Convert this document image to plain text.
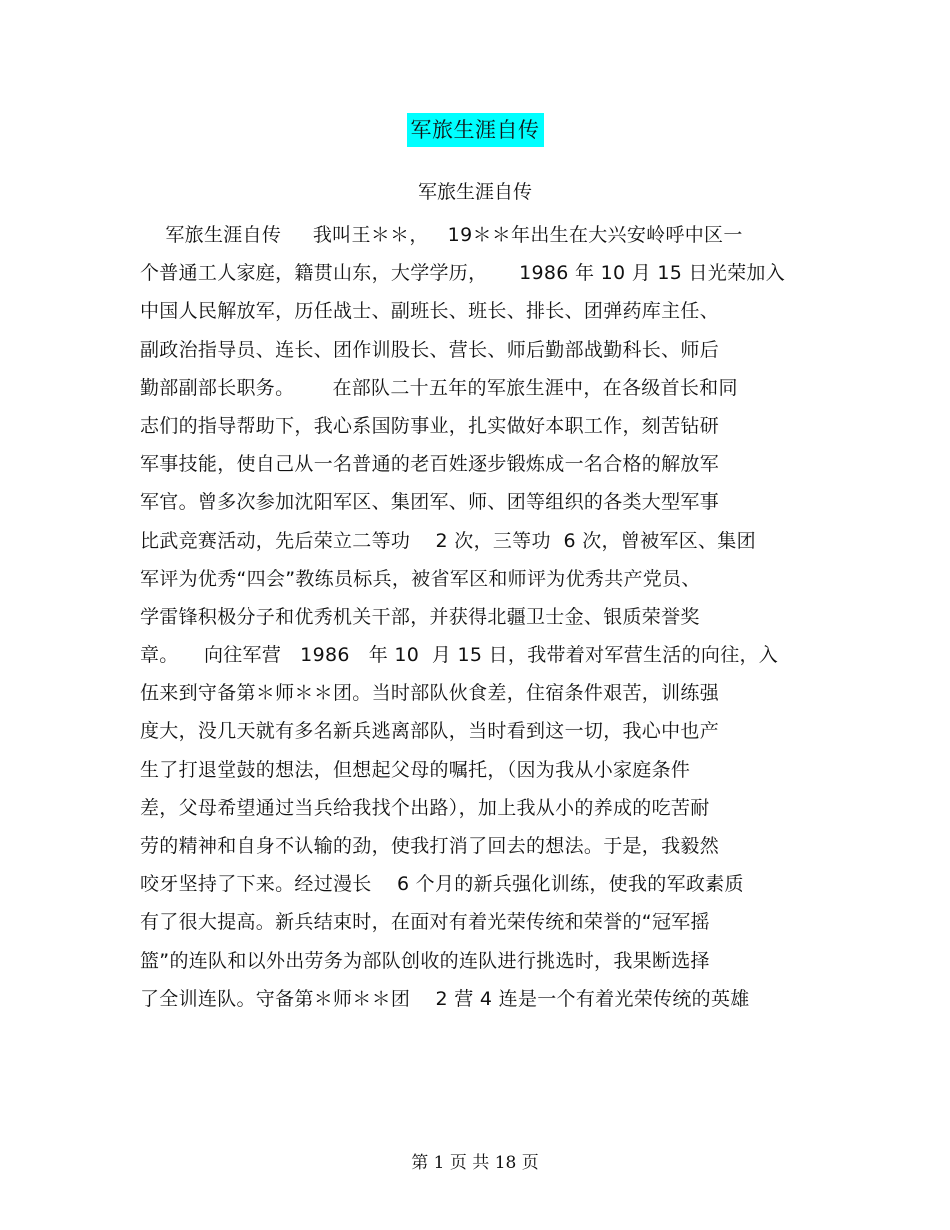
军旅生涯自传
军旅生涯自传
军旅生涯自传     我叫王＊＊，   19＊＊年出生在大兴安岭呼中区一
个普通工人家庭，籍贯山东，大学学历，     1986 年 10 月 15 日光荣加入
中国人民解放军，历任战士、副班长、班长、排长、团弹药库主任、
副政治指导员、连长、团作训股长、营长、师后勤部战勤科长、师后
勤部副部长职务。      在部队二十五年的军旅生涯中，在各级首长和同
志们的指导帮助下，我心系国防事业，扎实做好本职工作，刻苦钻研
军事技能，使自己从一名普通的老百姓逐步锻炼成一名合格的解放军
军官。曾多次参加沈阳军区、集团军、师、团等组织的各类大型军事
比武竞赛活动，先后荣立二等功    2 次，三等功  6 次，曾被军区、集团
军评为优秀“四会”教练员标兵，被省军区和师评为优秀共产党员、
学雷锋积极分子和优秀机关干部，并获得北疆卫士金、银质荣誉奖
章。    向往军营   1986   年 10  月 15 日，我带着对军营生活的向往，入
伍来到守备第＊师＊＊团。当时部队伙食差，住宿条件艰苦，训练强
度大，没几天就有多名新兵逃离部队，当时看到这一切，我心中也产
生了打退堂鼓的想法，但想起父母的嘱托，（因为我从小家庭条件
差，父母希望通过当兵给我找个出路），加上我从小的养成的吃苦耐
劳的精神和自身不认输的劲，使我打消了回去的想法。于是，我毅然
咬牙坚持了下来。经过漫长    6 个月的新兵强化训练，使我的军政素质
有了很大提高。新兵结束时，在面对有着光荣传统和荣誉的“冠军摇
篮”的连队和以外出劳务为部队创收的连队进行挑选时，我果断选择
了全训连队。守备第＊师＊＊团    2 营 4 连是一个有着光荣传统的英雄
第 1 页 共 18 页
